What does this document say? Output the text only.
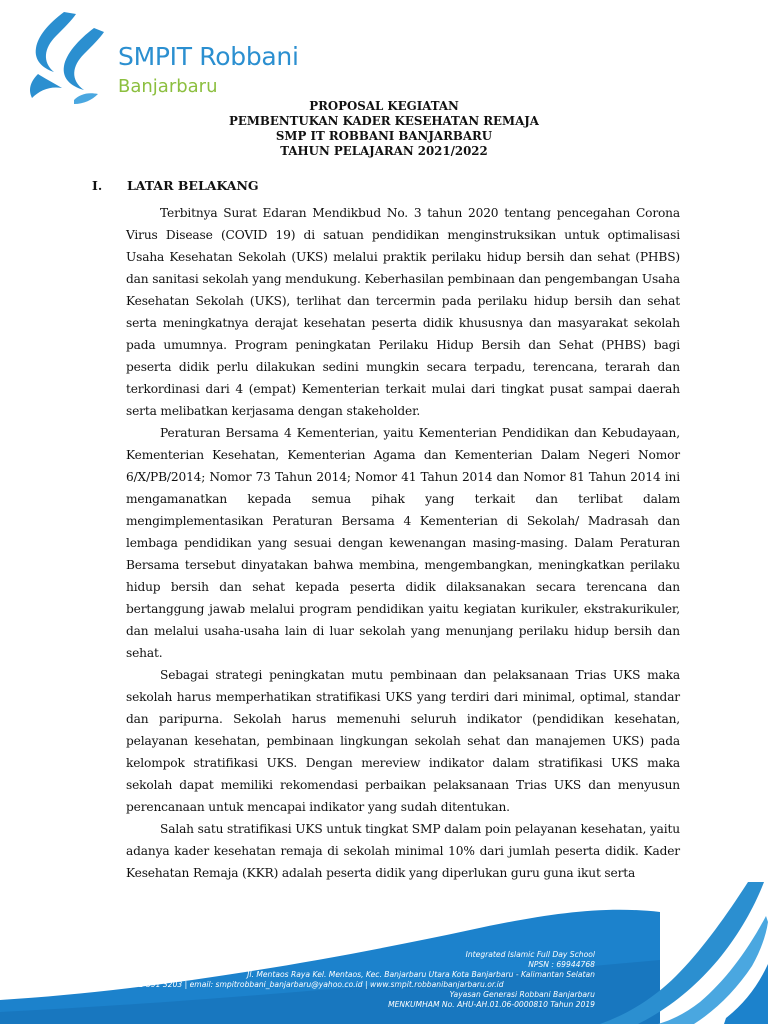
SMPIT Robbani

Banjarbaru

PROPOSAL KEGIATAN

PEMBENTUKAN KADER KESEHATAN REMAJA

SMP IT ROBBANI BANJARBARU

TAHUN PELAJARAN 2021/2022

I. LATAR BELAKANG

Terbitnya Surat Edaran Mendikbud No. 3 tahun 2020 tentang pencegahan Corona Virus Disease (COVID 19) di satuan pendidikan menginstruksikan untuk optimalisasi Usaha Kesehatan Sekolah (UKS) melalui praktik perilaku hidup bersih dan sehat (PHBS) dan sanitasi sekolah yang mendukung. Keberhasilan pembinaan dan pengembangan Usaha Kesehatan Sekolah (UKS), terlihat dan tercermin pada perilaku hidup bersih dan sehat serta meningkatnya derajat kesehatan peserta didik khususnya dan masyarakat sekolah pada umumnya. Program peningkatan Perilaku Hidup Bersih dan Sehat (PHBS) bagi peserta didik perlu dilakukan sedini mungkin secara terpadu, terencana, terarah dan terkordinasi dari 4 (empat) Kementerian terkait mulai dari tingkat pusat sampai daerah serta melibatkan kerjasama dengan stakeholder.

Peraturan Bersama 4 Kementerian, yaitu Kementerian Pendidikan dan Kebudayaan, Kementerian Kesehatan, Kementerian Agama dan Kementerian Dalam Negeri Nomor 6/X/PB/2014; Nomor 73 Tahun 2014; Nomor 41 Tahun 2014 dan Nomor 81 Tahun 2014 ini mengamanatkan kepada semua pihak yang terkait dan terlibat dalam mengimplementasikan Peraturan Bersama 4 Kementerian di Sekolah/ Madrasah dan lembaga pendidikan yang sesuai dengan kewenangan masing-masing. Dalam Peraturan Bersama tersebut dinyatakan bahwa membina, mengembangkan, meningkatkan perilaku hidup bersih dan sehat kepada peserta didik dilaksanakan secara terencana dan bertanggung jawab melalui program pendidikan yaitu kegiatan kurikuler, ekstrakurikuler, dan melalui usaha-usaha lain di luar sekolah yang menunjang perilaku hidup bersih dan sehat.

Sebagai strategi peningkatan mutu pembinaan dan pelaksanaan Trias UKS maka sekolah harus memperhatikan stratifikasi UKS yang terdiri dari minimal, optimal, standar dan paripurna. Sekolah harus memenuhi seluruh indikator (pendidikan kesehatan, pelayanan kesehatan, pembinaan lingkungan sekolah sehat dan manajemen UKS) pada kelompok stratifikasi UKS. Dengan mereview indikator dalam stratifikasi UKS maka sekolah dapat memiliki rekomendasi perbaikan pelaksanaan Trias UKS dan menyusun perencanaan untuk mencapai indikator yang sudah ditentukan.

Salah satu stratifikasi UKS untuk tingkat SMP dalam poin pelayanan kesehatan, yaitu adanya kader kesehatan remaja di sekolah minimal 10% dari jumlah peserta didik. Kader Kesehatan Remaja (KKR) adalah peserta didik yang diperlukan guru guna ikut serta

Integrated Islamic Full Day School

NPSN : 69944768

Jl. Mentaos Raya Kel. Mentaos, Kec. Banjarbaru Utara Kota Banjarbaru - Kalimantan Selatan

Telp: 0511 591 3203 | email: smpitrobbani_banjarbaru@yahoo.co.id | www.smpit.robbanibanjarbaru.or.id

Yayasan Generasi Robbani Banjarbaru

MENKUMHAM No. AHU-AH.01.06-0000810 Tahun 2019
